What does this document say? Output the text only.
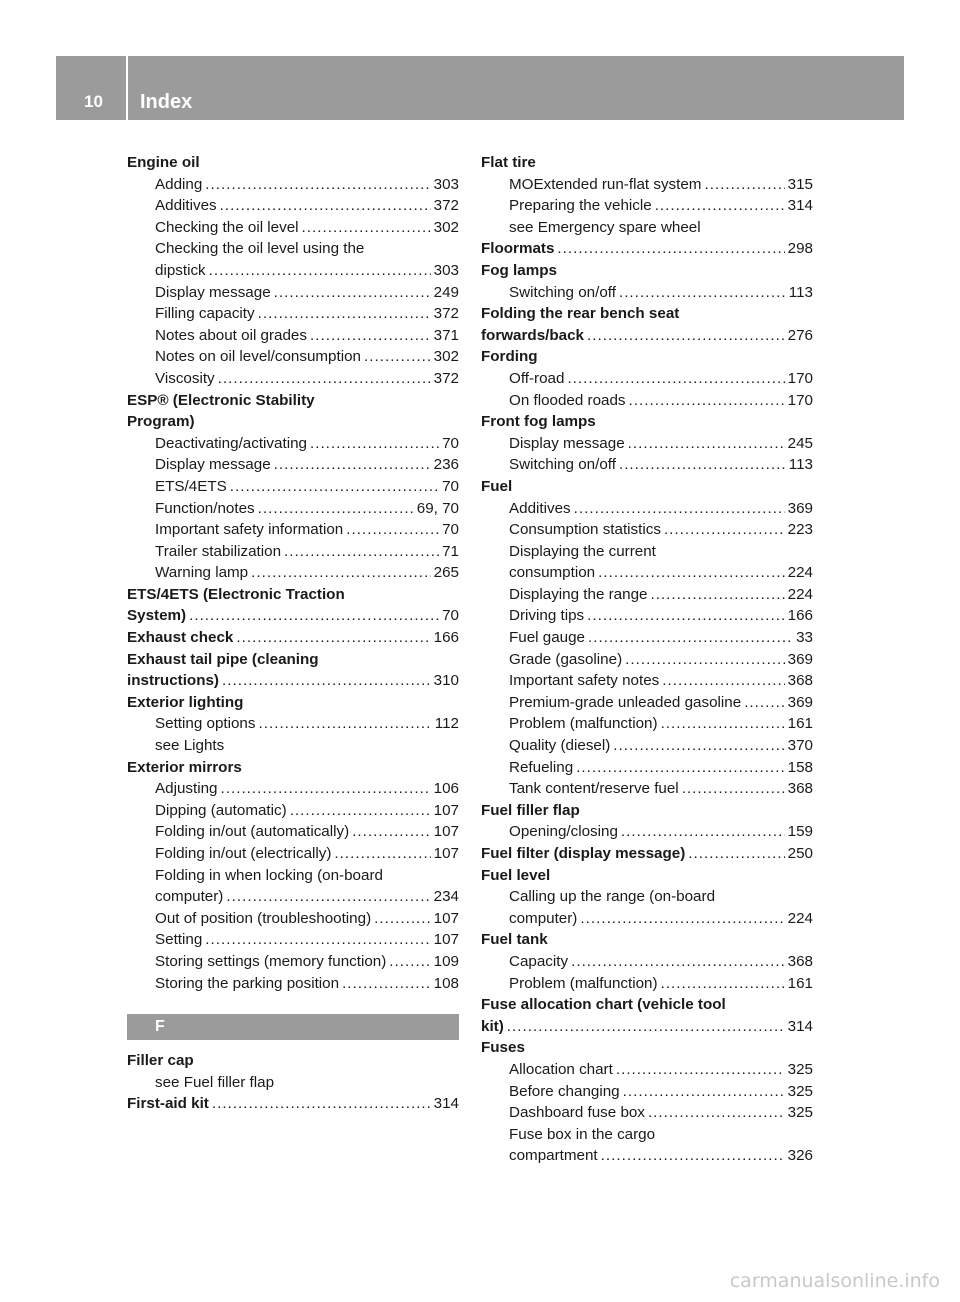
10	Index
Engine oil
Adding . . .	303
Additives . . .	372
Checking the oil level . . .	302
Checking the oil level using the
dipstick . . .	303
Display message . . .	249
Filling capacity . . .	372
Notes about oil grades . . .	371
Notes on oil level/consumption . . .	302
Viscosity . . .	372
ESP® (Electronic Stability
Program)
Deactivating/activating . . .	70
Display message . . .	236
ETS/4ETS . . .	70
Function/notes . . .	69, 70
Important safety information . . .	70
Trailer stabilization . . .	71
Warning lamp . . .	265
ETS/4ETS (Electronic Traction
System) . . .	70
Exhaust check . . .	166
Exhaust tail pipe (cleaning
instructions) . . .	310
Exterior lighting
Setting options . . .	112
see Lights
Exterior mirrors
Adjusting . . .	106
Dipping (automatic) . . .	107
Folding in/out (automatically) . . .	107
Folding in/out (electrically) . . .	107
Folding in when locking (on-board
computer) . . .	234
Out of position (troubleshooting) . . .	107
Setting . . .	107
Storing settings (memory function) . . .	109
Storing the parking position . . .	108
F
Filler cap
see Fuel filler flap
First-aid kit . . .	314
Flat tire
MOExtended run-flat system . . .	315
Preparing the vehicle . . .	314
see Emergency spare wheel
Floormats . . .	298
Fog lamps
Switching on/off . . .	113
Folding the rear bench seat
forwards/back . . .	276
Fording
Off-road . . .	170
On flooded roads . . .	170
Front fog lamps
Display message . . .	245
Switching on/off . . .	113
Fuel
Additives . . .	369
Consumption statistics . . .	223
Displaying the current
consumption . . .	224
Displaying the range . . .	224
Driving tips . . .	166
Fuel gauge . . .	33
Grade (gasoline) . . .	369
Important safety notes . . .	368
Premium-grade unleaded gasoline . . .	369
Problem (malfunction) . . .	161
Quality (diesel) . . .	370
Refueling . . .	158
Tank content/reserve fuel . . .	368
Fuel filler flap
Opening/closing . . .	159
Fuel filter (display message) . . .	250
Fuel level
Calling up the range (on-board
computer) . . .	224
Fuel tank
Capacity . . .	368
Problem (malfunction) . . .	161
Fuse allocation chart (vehicle tool
kit) . . .	314
Fuses
Allocation chart . . .	325
Before changing . . .	325
Dashboard fuse box . . .	325
Fuse box in the cargo
compartment . . .	326
carmanualsonline.info
